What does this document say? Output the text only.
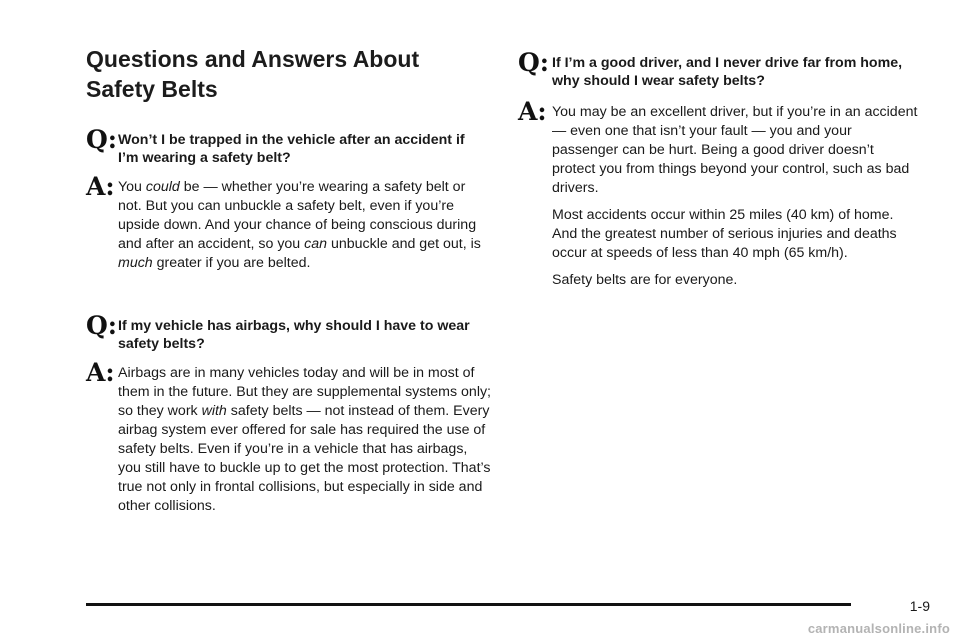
Questions and Answers About Safety Belts
Q: Won’t I be trapped in the vehicle after an accident if I’m wearing a safety belt?
A: You could be — whether you’re wearing a safety belt or not. But you can unbuckle a safety belt, even if you’re upside down. And your chance of being conscious during and after an accident, so you can unbuckle and get out, is much greater if you are belted.
Q: If my vehicle has airbags, why should I have to wear safety belts?
A: Airbags are in many vehicles today and will be in most of them in the future. But they are supplemental systems only; so they work with safety belts — not instead of them. Every airbag system ever offered for sale has required the use of safety belts. Even if you’re in a vehicle that has airbags, you still have to buckle up to get the most protection. That’s true not only in frontal collisions, but especially in side and other collisions.
Q: If I’m a good driver, and I never drive far from home, why should I wear safety belts?
A: You may be an excellent driver, but if you’re in an accident — even one that isn’t your fault — you and your passenger can be hurt. Being a good driver doesn’t protect you from things beyond your control, such as bad drivers.

Most accidents occur within 25 miles (40 km) of home. And the greatest number of serious injuries and deaths occur at speeds of less than 40 mph (65 km/h).

Safety belts are for everyone.

1-9
carmanualsonline.info
